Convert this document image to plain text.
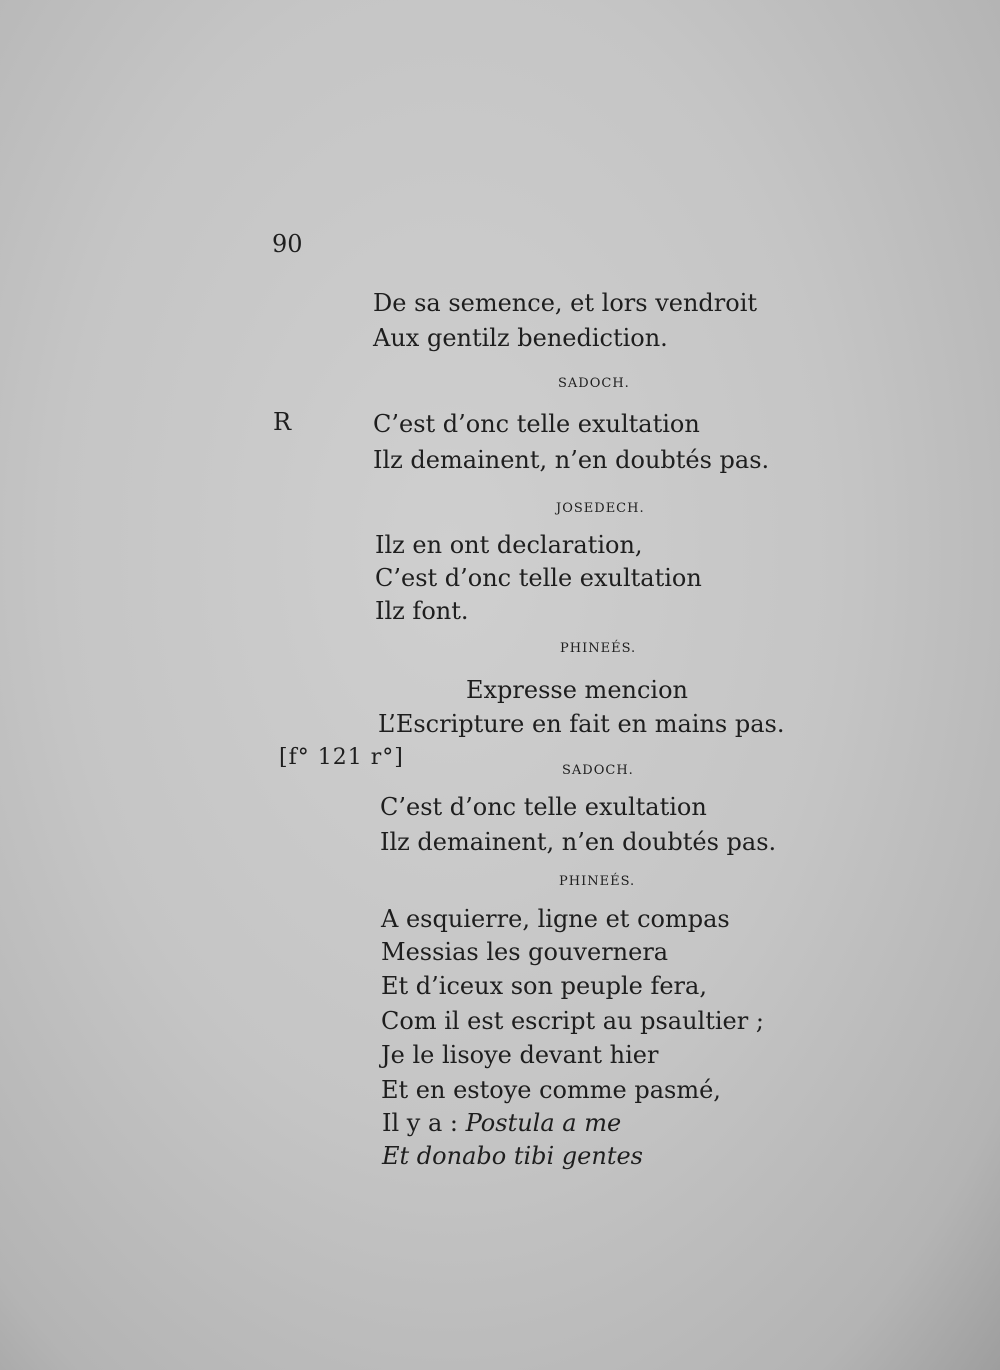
90
R
[f° 121 r°]
De sa semence, et lors vendroit
Aux gentilz benediction.
SADOCH.
C’est d’onc telle exultation
Ilz demainent, n’en doubtés pas.
JOSEDECH.
Ilz en ont declaration,
C’est d’onc telle exultation
Ilz font.
PHINEÉS.
Expresse mencion
L’Escripture en fait en mains pas.
SADOCH.
C’est d’onc telle exultation
Ilz demainent, n’en doubtés pas.
PHINEÉS.
A esquierre, ligne et compas
Messias les gouvernera
Et d’iceux son peuple fera,
Com il est escript au psaultier ;
Je le lisoye devant hier
Et en estoye comme pasmé,
Il y a : Postula a me
Et donabo tibi gentes
